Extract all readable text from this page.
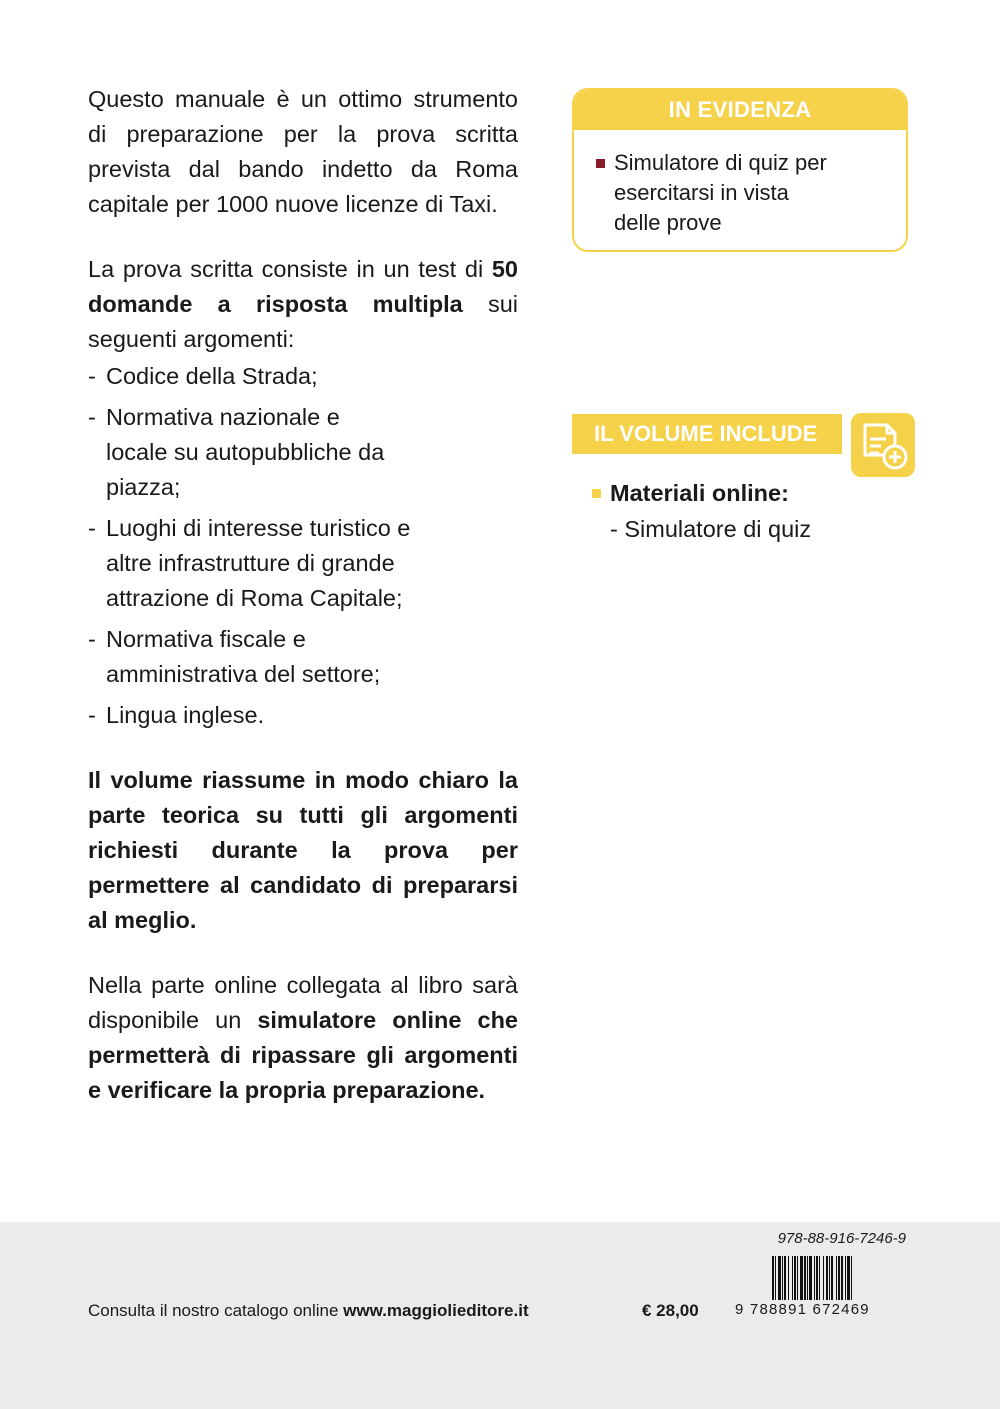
Questo manuale è un ottimo strumento di preparazione per la prova scritta prevista dal bando indetto da Roma capitale per 1000 nuove licenze di Taxi.

La prova scritta consiste in un test di 50 domande a risposta multipla sui seguenti argomenti:

- Codice della Strada;
- Normativa nazionale e locale su autopubbliche da piazza;
- Luoghi di interesse turistico e altre infrastrutture di grande attrazione di Roma Capitale;
- Normativa fiscale e amministrativa del settore;
- Lingua inglese.

Il volume riassume in modo chiaro la parte teorica su tutti gli argomenti richiesti durante la prova per permettere al candidato di prepararsi al meglio.

Nella parte online collegata al libro sarà disponibile un simulatore online che permetterà di ripassare gli argomenti e verificare la propria preparazione.

IN EVIDENZA
Simulatore di quiz per esercitarsi in vista delle prove
IL VOLUME INCLUDE
Materiali online:
- Simulatore di quiz
Consulta il nostro catalogo online www.maggiolieditore.it	€ 28,00
978-88-916-7246-9
9 788891 672469
